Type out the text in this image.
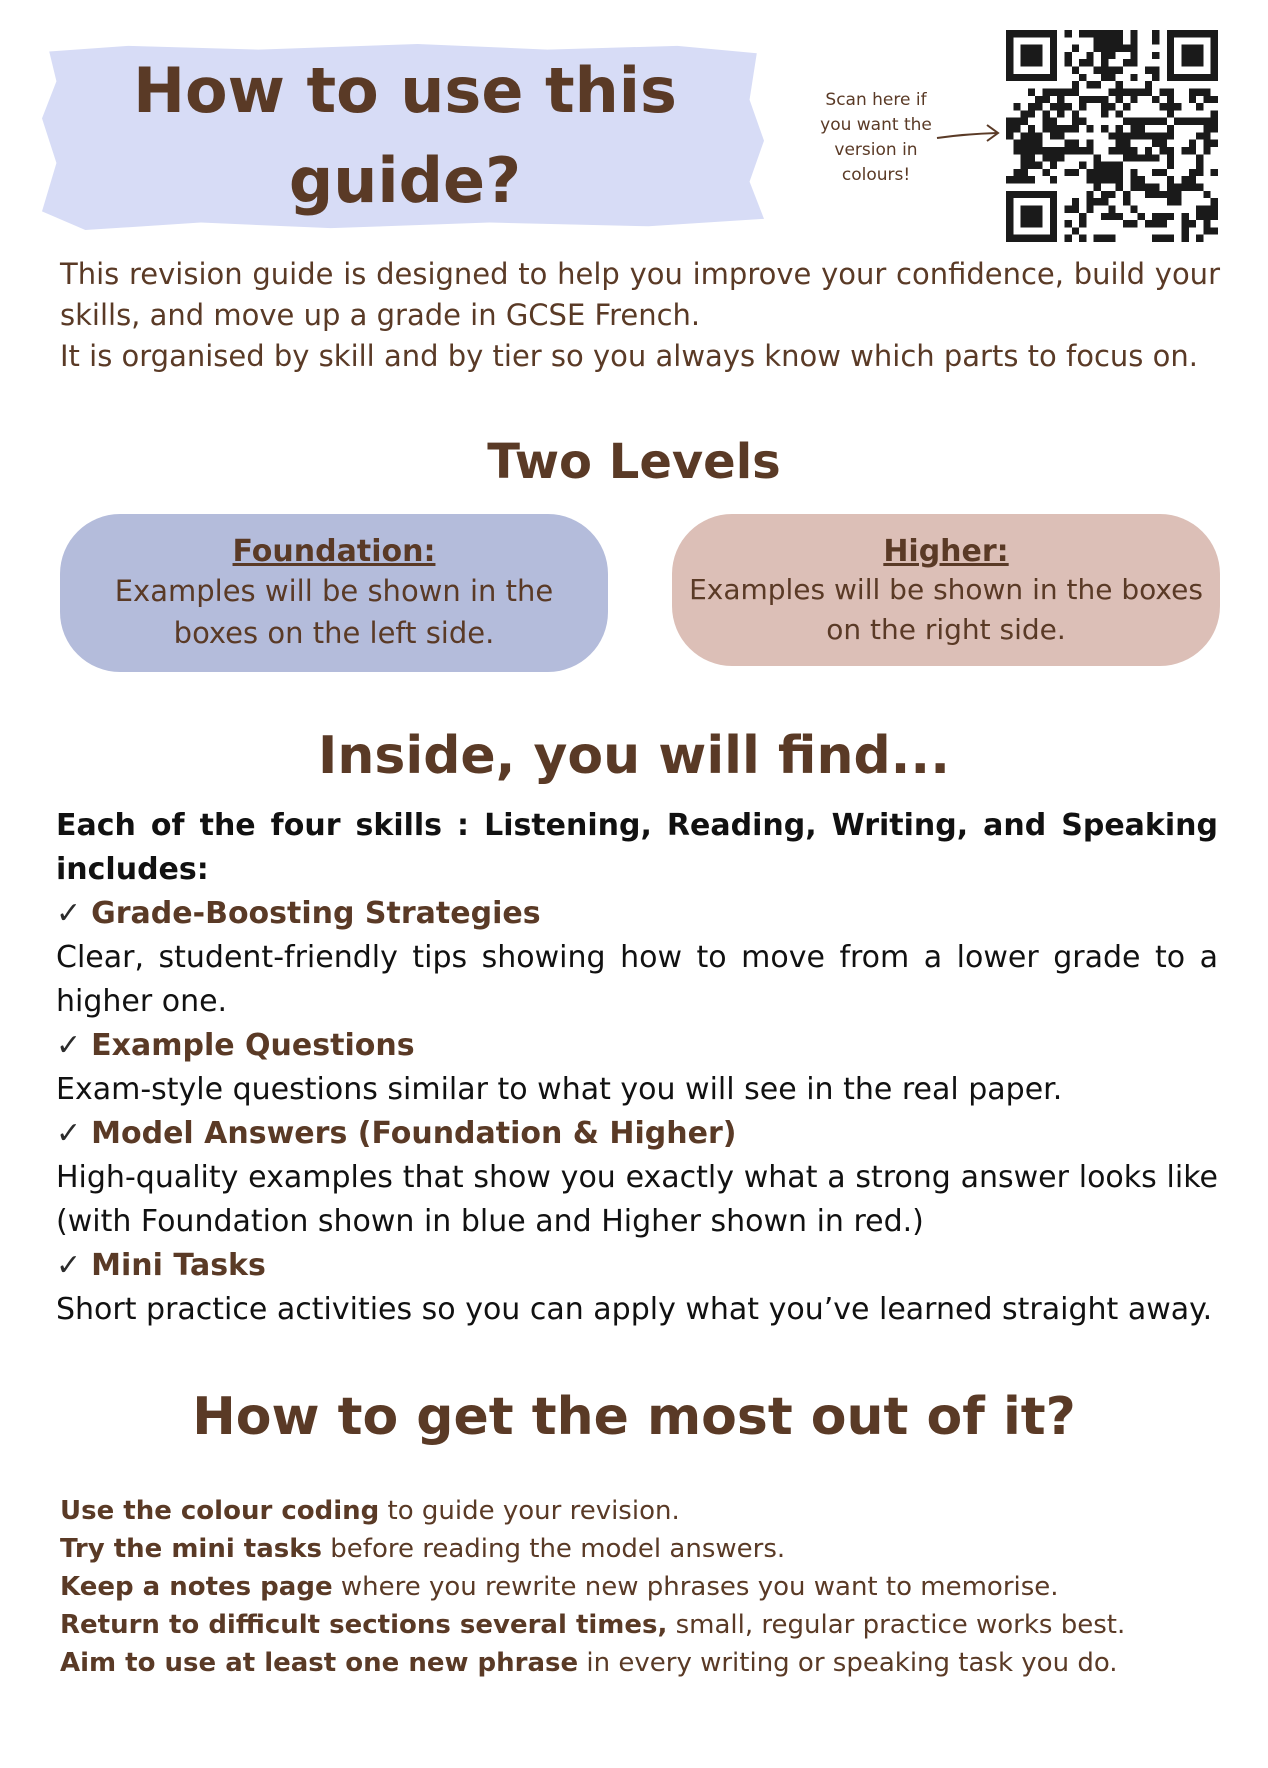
How to use this
guide?
Scan here if
you want the
version in
colours!

This revision guide is designed to help you improve your confidence, build your skills, and move up a grade in GCSE French.

It is organised by skill and by tier so you always know which parts to focus on.

Two Levels
Foundation:
Examples will be shown in the
boxes on the left side.
Higher:
Examples will be shown in the boxes
on the right side.
Inside, you will find...

Each of the four skills : Listening, Reading, Writing, and Speaking includes:

✓ Grade-Boosting Strategies

Clear, student-friendly tips showing how to move from a lower grade to a higher one.

✓ Example Questions

Exam-style questions similar to what you will see in the real paper.

✓ Model Answers (Foundation & Higher)

High-quality examples that show you exactly what a strong answer looks like (with Foundation shown in blue and Higher shown in red.)

✓ Mini Tasks

Short practice activities so you can apply what you’ve learned straight away.

How to get the most out of it?

Use the colour coding to guide your revision.

Try the mini tasks before reading the model answers.

Keep a notes page where you rewrite new phrases you want to memorise.

Return to difficult sections several times, small, regular practice works best.

Aim to use at least one new phrase in every writing or speaking task you do.
